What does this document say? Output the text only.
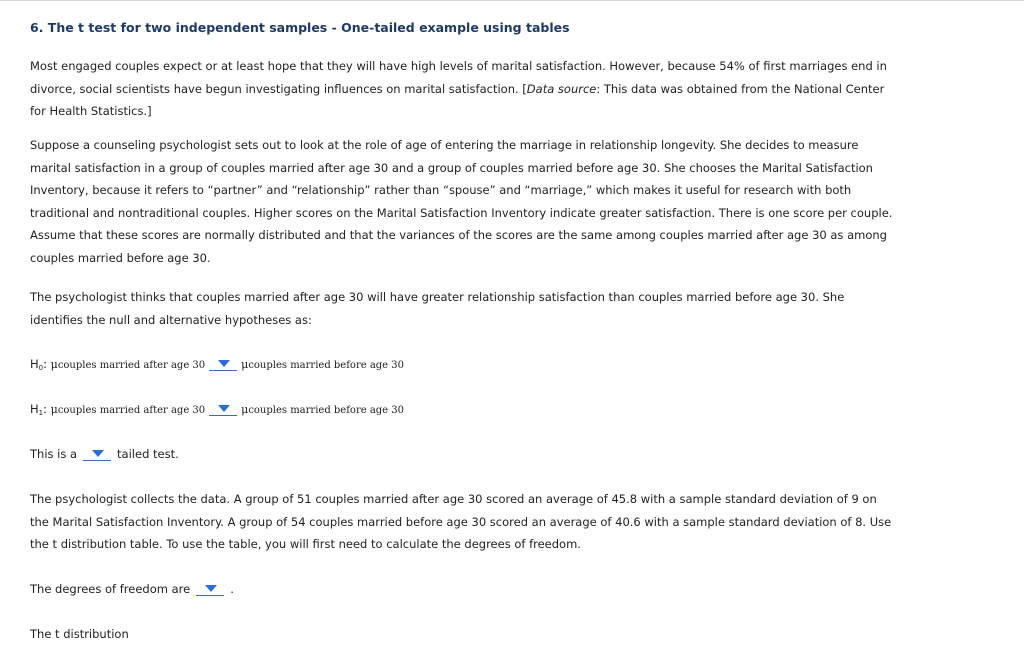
6. The t test for two independent samples - One-tailed example using tables

Most engaged couples expect or at least hope that they will have high levels of marital satisfaction. However, because 54% of first marriages end in divorce, social scientists have begun investigating influences on marital satisfaction. [Data source: This data was obtained from the National Center for Health Statistics.]

Suppose a counseling psychologist sets out to look at the role of age of entering the marriage in relationship longevity. She decides to measure marital satisfaction in a group of couples married after age 30 and a group of couples married before age 30. She chooses the Marital Satisfaction Inventory, because it refers to “partner” and “relationship” rather than “spouse” and “marriage,” which makes it useful for research with both traditional and nontraditional couples. Higher scores on the Marital Satisfaction Inventory indicate greater satisfaction. There is one score per couple. Assume that these scores are normally distributed and that the variances of the scores are the same among couples married after age 30 as among couples married before age 30.

The psychologist thinks that couples married after age 30 will have greater relationship satisfaction than couples married before age 30. She identifies the null and alternative hypotheses as:

H0: μcouples married after age 30	μcouples married before age 30
H1: μcouples married after age 30	μcouples married before age 30
This is a	tailed test.

The psychologist collects the data. A group of 51 couples married after age 30 scored an average of 45.8 with a sample standard deviation of 9 on the Marital Satisfaction Inventory. A group of 54 couples married before age 30 scored an average of 40.6 with a sample standard deviation of 8. Use the t distribution table. To use the table, you will first need to calculate the degrees of freedom.

The degrees of freedom are	.
The t distribution
